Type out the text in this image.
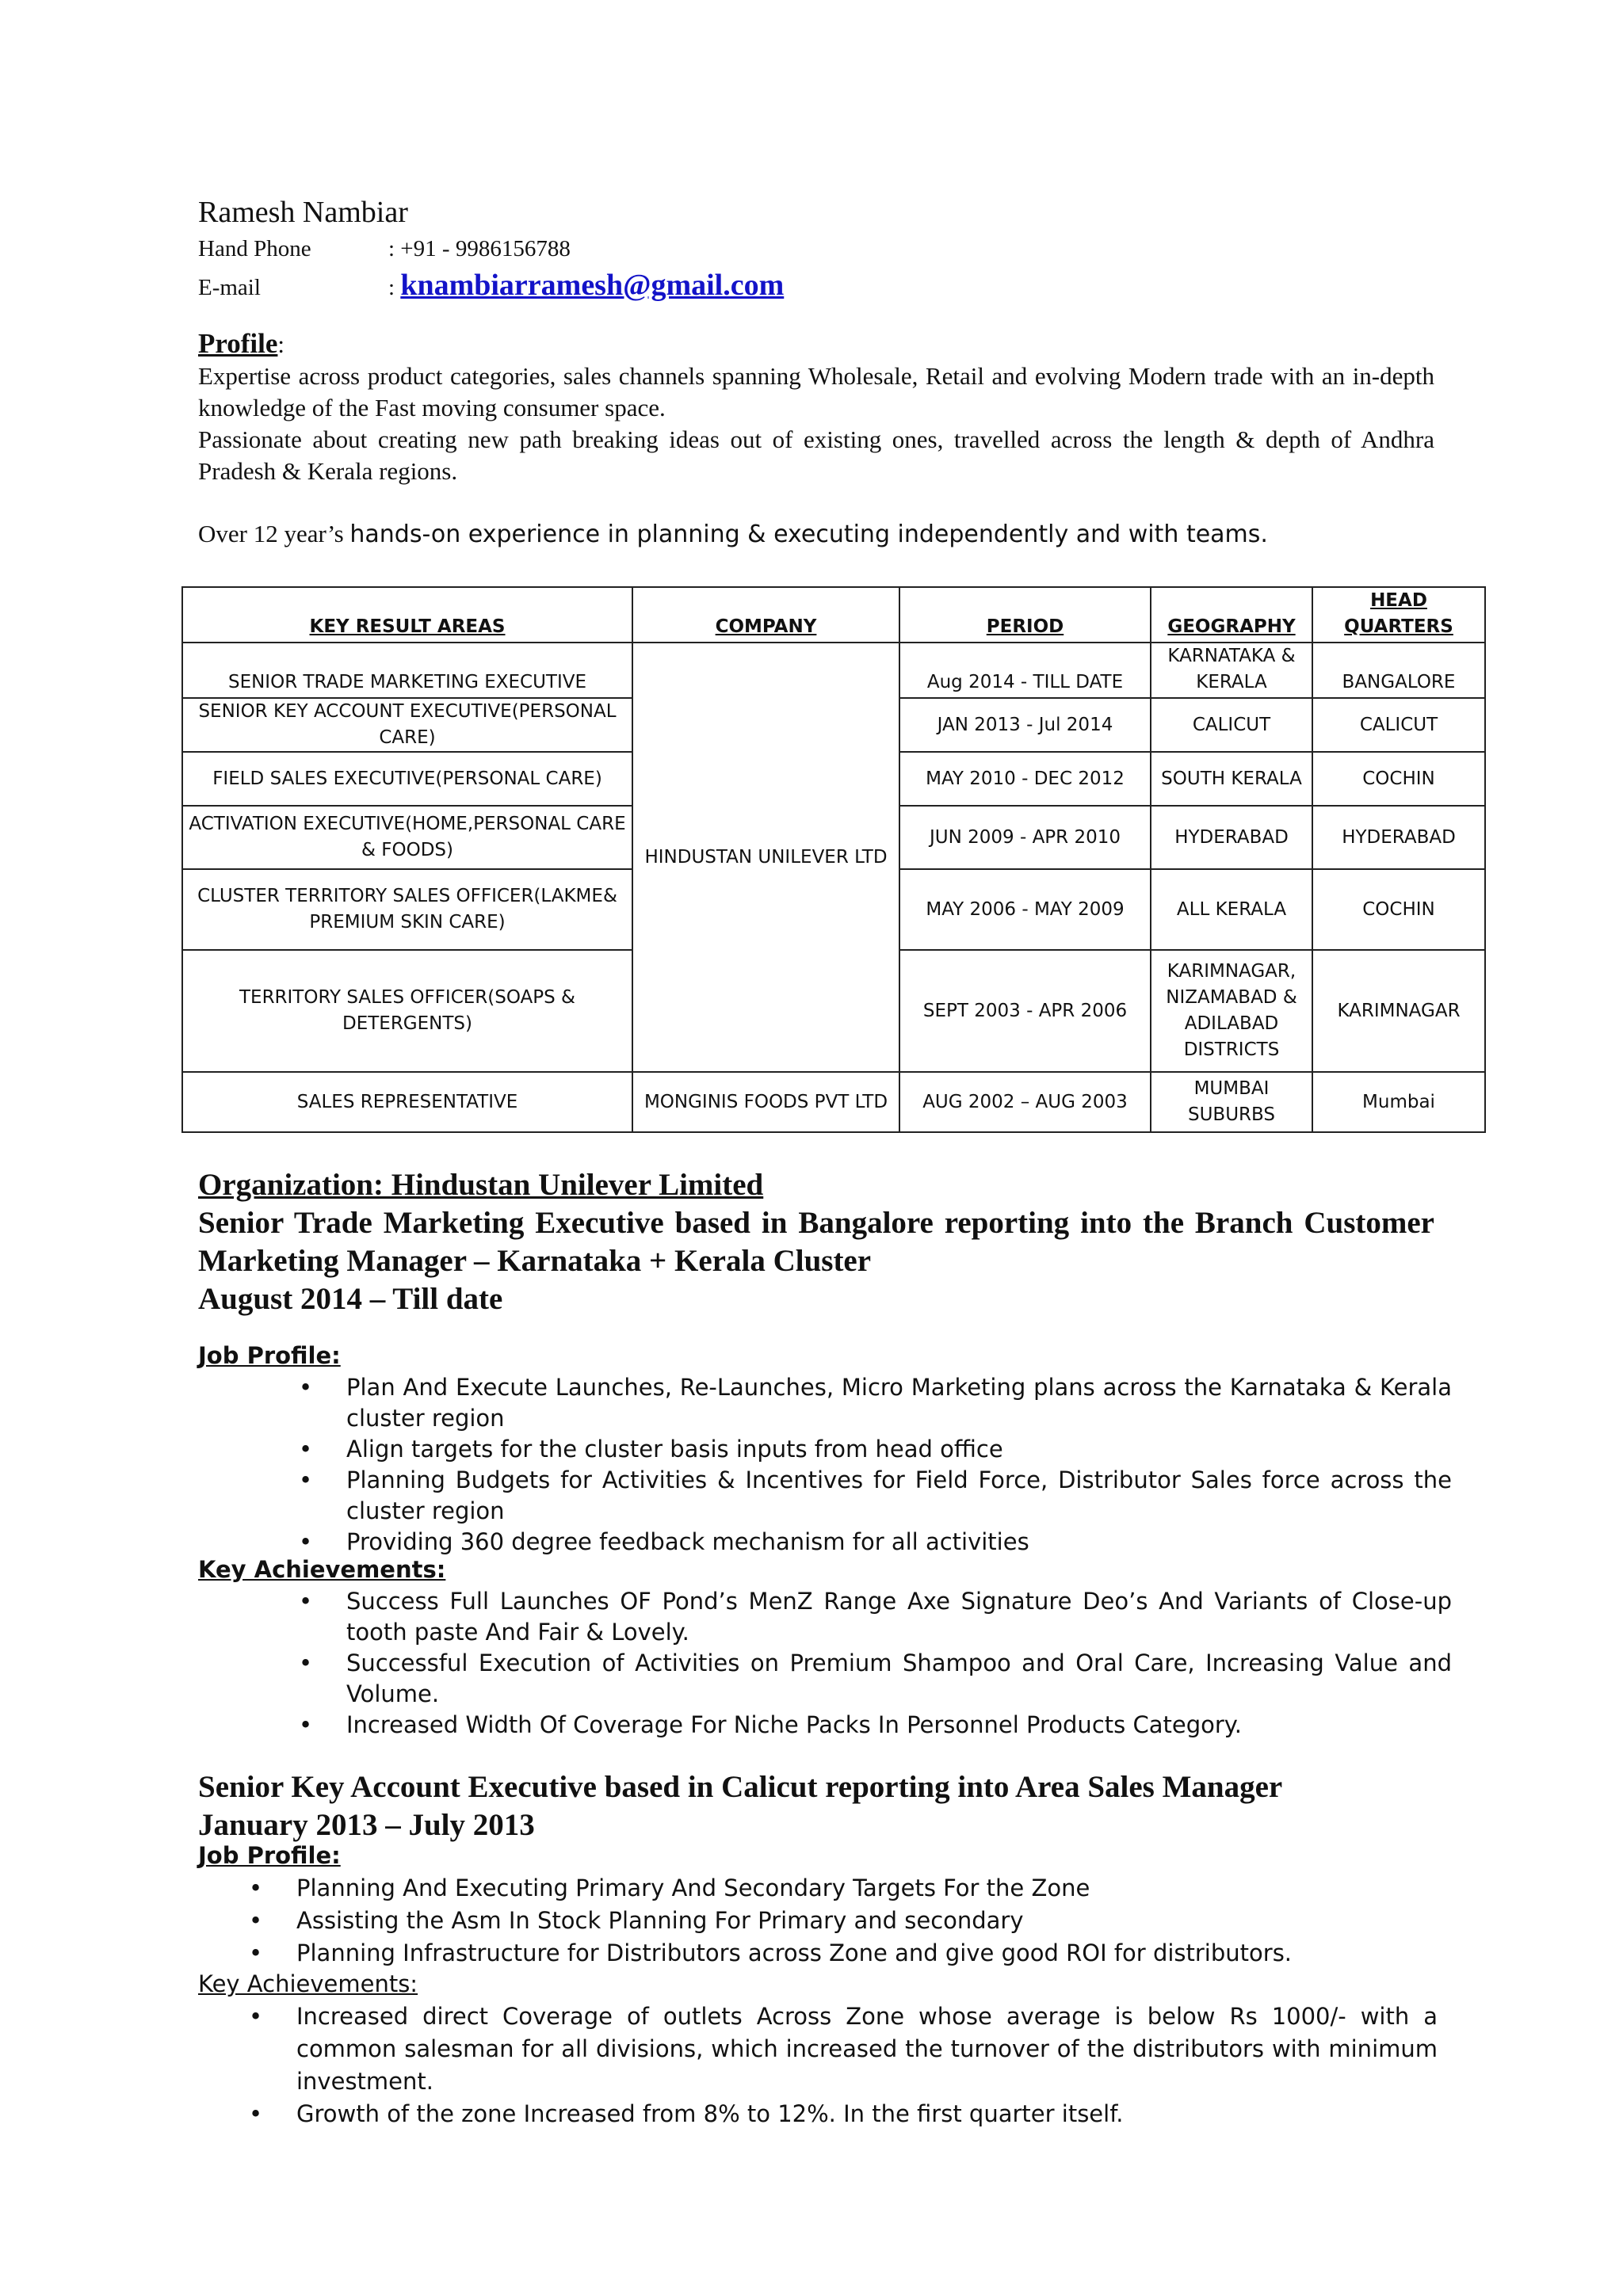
Ramesh Nambiar
Hand Phone	: +91 - 9986156788
E-mail	: knambiarramesh@gmail.com
Profile:
Expertise across product categories, sales channels spanning Wholesale, Retail and evolving Modern trade with an in-depth knowledge of the Fast moving consumer space.
Passionate about creating new path breaking ideas out of existing ones, travelled across the length & depth of Andhra Pradesh & Kerala regions.
Over 12 year’s hands-on experience in planning & executing independently and with teams.
KEY RESULT AREAS	COMPANY	PERIOD	GEOGRAPHY	HEAD QUARTERS
SENIOR TRADE MARKETING EXECUTIVE	HINDUSTAN UNILEVER LTD	Aug 2014 - TILL DATE	KARNATAKA & KERALA	BANGALORE
SENIOR KEY ACCOUNT EXECUTIVE(PERSONAL CARE)		JAN 2013 - Jul 2014	CALICUT	CALICUT
FIELD SALES EXECUTIVE(PERSONAL CARE)		MAY 2010 - DEC 2012	SOUTH KERALA	COCHIN
ACTIVATION EXECUTIVE(HOME,PERSONAL CARE & FOODS)		JUN 2009 - APR 2010	HYDERABAD	HYDERABAD
CLUSTER TERRITORY SALES OFFICER(LAKME& PREMIUM SKIN CARE)		MAY 2006 - MAY 2009	ALL KERALA	COCHIN
TERRITORY SALES OFFICER(SOAPS & DETERGENTS)		SEPT 2003 - APR 2006	KARIMNAGAR, NIZAMABAD & ADILABAD DISTRICTS	KARIMNAGAR
SALES REPRESENTATIVE	MONGINIS FOODS PVT LTD	AUG 2002 – AUG 2003	MUMBAI SUBURBS	Mumbai
Organization: Hindustan Unilever Limited
Senior Trade Marketing Executive based in Bangalore reporting into the Branch Customer Marketing Manager – Karnataka + Kerala Cluster
August 2014 – Till date
Job Profile:
• Plan And Execute Launches, Re-Launches, Micro Marketing plans across the Karnataka & Kerala cluster region
• Align targets for the cluster basis inputs from head office
• Planning Budgets for Activities & Incentives for Field Force, Distributor Sales force across the cluster region
• Providing 360 degree feedback mechanism for all activities
Key Achievements:
• Success Full Launches OF Pond’s MenZ Range Axe Signature Deo’s And Variants of Close-up tooth paste And Fair & Lovely.
• Successful Execution of Activities on Premium Shampoo and Oral Care, Increasing Value and Volume.
• Increased Width Of Coverage For Niche Packs In Personnel Products Category.
Senior Key Account Executive based in Calicut reporting into Area Sales Manager
January 2013 – July 2013
Job Profile:
• Planning And Executing Primary And Secondary Targets For the Zone
• Assisting the Asm In Stock Planning For Primary and secondary
• Planning Infrastructure for Distributors across Zone and give good ROI for distributors.
Key Achievements:
• Increased direct Coverage of outlets Across Zone whose average is below Rs 1000/- with a common salesman for all divisions, which increased the turnover of the distributors with minimum investment.
• Growth of the zone Increased from 8% to 12%. In the first quarter itself.
